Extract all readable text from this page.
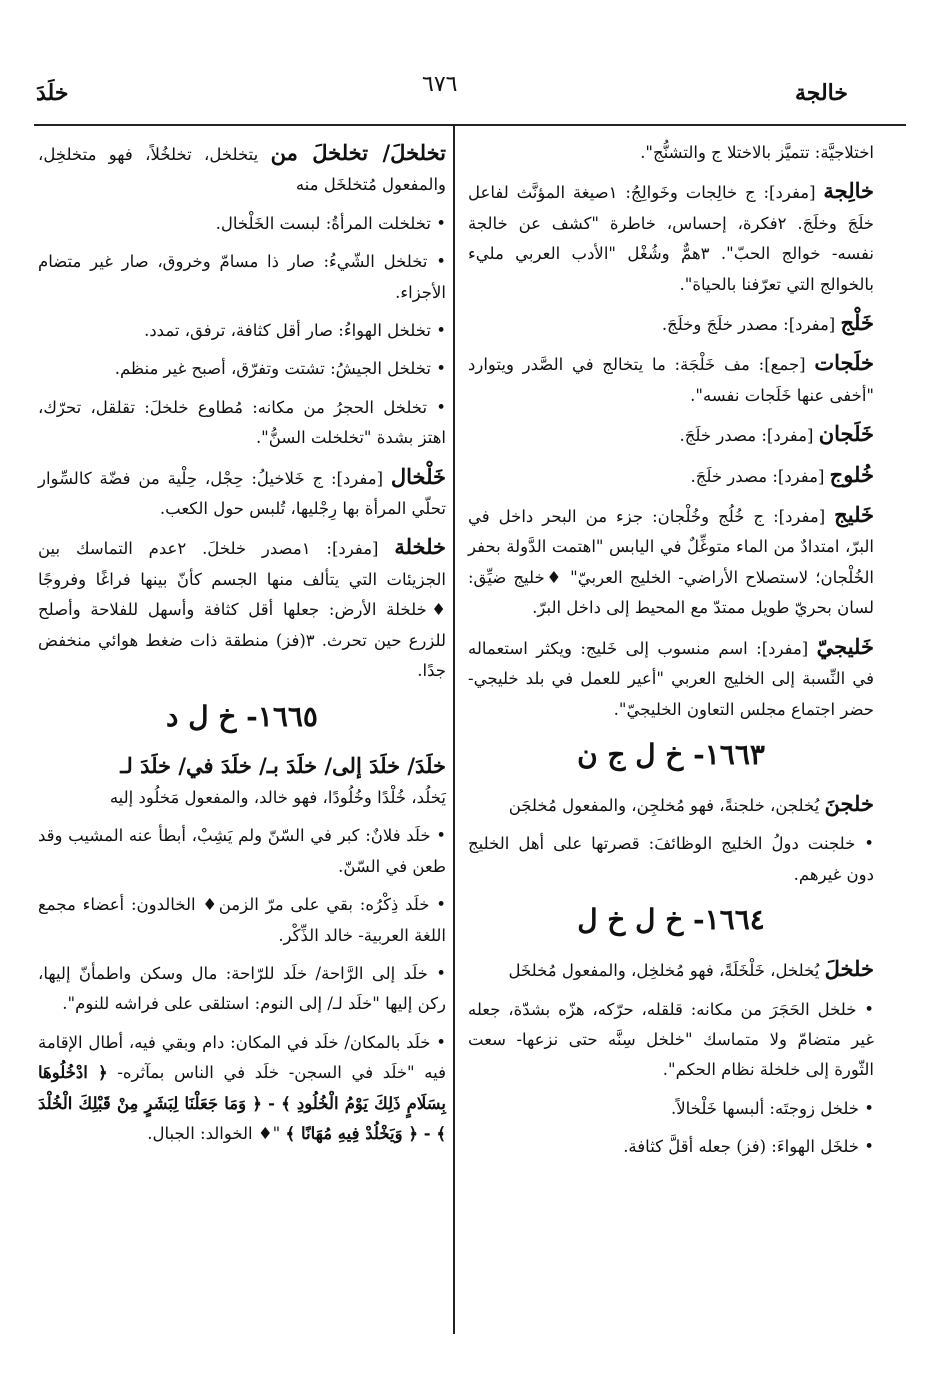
خالجة
٦٧٦
خلَدَ

اختلاجيَّة: تتميَّز بالاختلا ج والتشنُّج".

خالِجة [مفرد]: ج خالِجات وخَوالِجُ: ١صيغة المؤنَّث لفاعل خلَجَ وخلَجَ. ٢فكرة، إحساس، خاطرة "كشف عن خالجة نفسه- خوالج الحبّ". ٣همٌّ وشُغْل "الأدب العربي مليء بالخوالج التي تعرّفنا بالحياة".

خَلْج [مفرد]: مصدر خلَجَ وخلَجَ.

خلَجات [جمع]: مف خَلْجَة: ما يتخالج في الصَّدر ويتوارد "أخفى عنها خَلَجات نفسه".

خَلَجان [مفرد]: مصدر خلَجَ.

خُلوج [مفرد]: مصدر خلَجَ.

خَليج [مفرد]: ج خُلُج وخُلْجان: جزء من البحر داخل في البرّ، امتدادٌ من الماء متوغِّلٌ في اليابس "اهتمت الدَّولة بحفر الخُلْجان؛ لاستصلاح الأراضي- الخليج العربيّ" ♦خليج ضيِّق: لسان بحريّ طويل ممتدّ مع المحيط إلى داخل البرّ.

خَليجيّ [مفرد]: اسم منسوب إلى خَليج: ويكثر استعماله في النِّسبة إلى الخليج العربي "أعير للعمل في بلد خليجي- حضر اجتماع مجلس التعاون الخليجيّ".

١٦٦٣- خ ل ج ن

خلجنَ يُخلجن، خلجنةً، فهو مُخلجِن، والمفعول مُخلجَن

• خلجنت دولُ الخليج الوظائفَ: قصرتها على أهل الخليج دون غيرهم.

١٦٦٤- خ ل خ ل

خلخلَ يُخلخل، خَلْخَلَةً، فهو مُخلخِل، والمفعول مُخلخَل

• خلخل الحَجَرَ من مكانه: قلقله، حرّكه، هزّه بشدّة، جعله غير متضامّ ولا متماسك "خلخل سِنَّه حتى نزعها- سعت الثّورة إلى خلخلة نظام الحكم".

• خلخل زوجتَه: ألبسها خَلْخالاً.

• خلخَل الهواءَ: (فز) جعله أقلَّ كثافة.

تخلخلَ/ تخلخلَ من يتخلخل، تخلخُلاً، فهو متخلخِل، والمفعول مُتخلخَل منه

• تخلخلت المرأةُ: لبست الخَلْخال.

• تخلخل الشّيءُ: صار ذا مسامّ وخروق، صار غير متضام الأجزاء.

• تخلخل الهواءُ: صار أقل كثافة، ترفق، تمدد.

• تخلخل الجيشُ: تشتت وتفرّق، أصبح غير منظم.

• تخلخل الحجرُ من مكانه: مُطاوع خلخلَ: تقلقل، تحرّك، اهتز بشدة "تخلخلت السنُّ".

خَلْخال [مفرد]: ج خَلاخيلُ: حِجْل، حِلْية من فضّة كالسِّوار تحلّي المرأة بها رِجْليها، تُلبس حول الكعب.

خلخلة [مفرد]: ١مصدر خلخلَ. ٢عدم التماسك بين الجزيئات التي يتألف منها الجسم كأنّ بينها فراغًا وفروجًا ♦خلخلة الأرض: جعلها أقل كثافة وأسهل للفلاحة وأصلح للزرع حين تحرث. ٣(فز) منطقة ذات ضغط هوائي منخفض جدًا.

١٦٦٥- خ ل د

خلَدَ/ خلَدَ إلى/ خلَدَ بـ/ خلَدَ في/ خلَدَ لـ
يَخلُد، خُلْدًا وخُلُودًا، فهو خالد، والمفعول مَخلُود إليه

• خلَد فلانٌ: كبر في السّنّ ولم يَشِبْ، أبطأ عنه المشيب وقد طعن في السّنّ.

• خلَد ذِكْرُه: بقي على مرّ الزمن♦ الخالدون: أعضاء مجمع اللغة العربية- خالد الذِّكْر.

• خلَد إلى الرَّاحة/ خلَد للرّاحة: مال وسكن واطمأنّ إليها، ركن إليها "خلَد لـ/ إلى النوم: استلقى على فراشه للنوم".

• خلَد بالمكان/ خلَد في المكان: دام وبقي فيه، أطال الإقامة فيه "خلَد في السجن- خلَد في الناس بمآثره- ﴿ ادْخُلُوهَا بِسَلَامٍ ذَلِكَ يَوْمُ الْخُلُودِ ﴾ - ﴿ وَمَا جَعَلْنَا لِبَشَرٍ مِنْ قَبْلِكَ الْخُلْدَ ﴾ - ﴿ وَيَخْلُدْ فِيهِ مُهَانًا ﴾ "♦ الخوالد: الجبال.
